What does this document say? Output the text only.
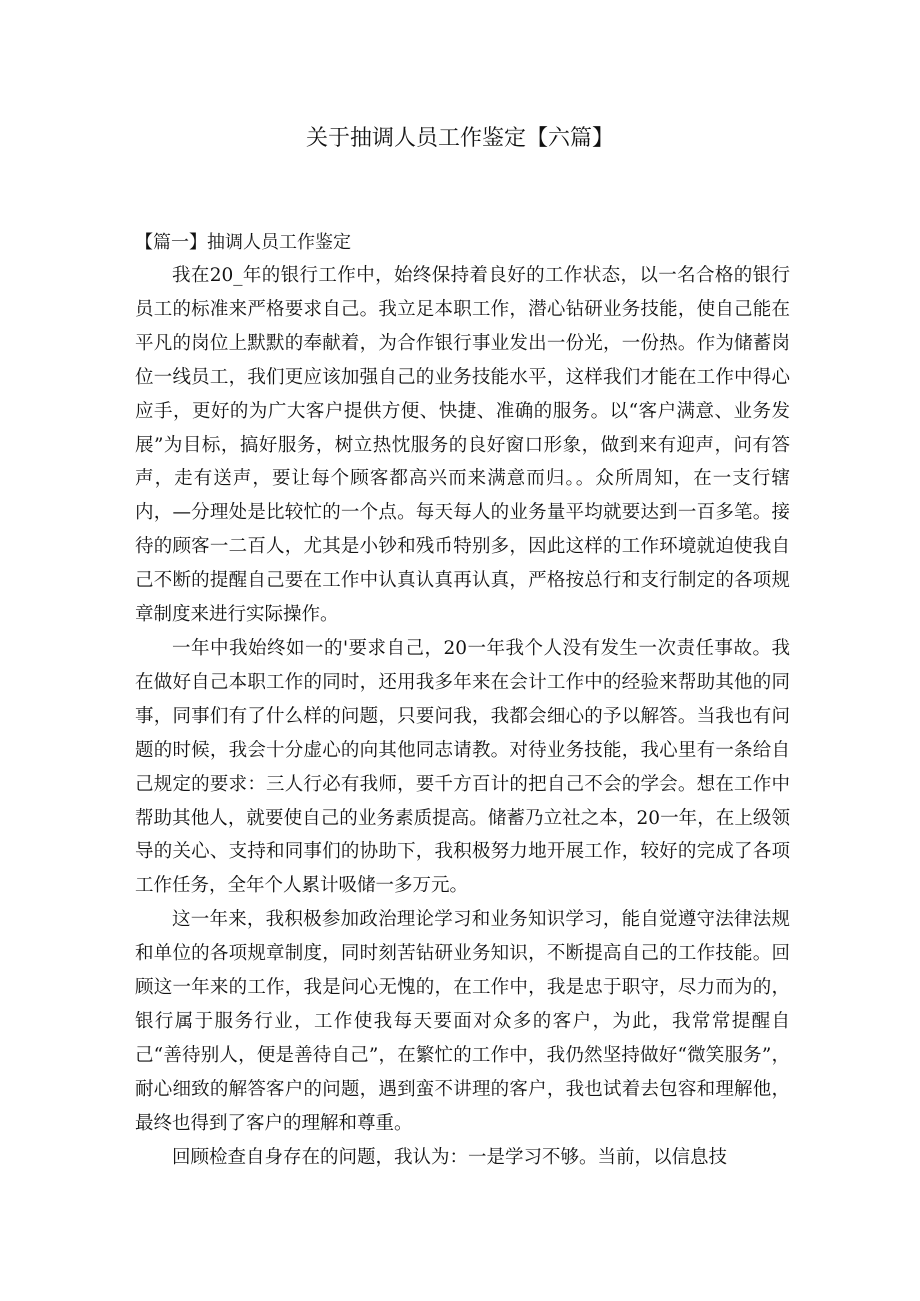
关于抽调人员工作鉴定【六篇】

【篇一】抽调人员工作鉴定

我在20_年的银行工作中，始终保持着良好的工作状态，以一名合格的银行员工的标准来严格要求自己。我立足本职工作，潜心钻研业务技能，使自己能在平凡的岗位上默默的奉献着，为合作银行事业发出一份光，一份热。作为储蓄岗位一线员工，我们更应该加强自己的业务技能水平，这样我们才能在工作中得心应手，更好的为广大客户提供方便、快捷、准确的服务。以“客户满意、业务发展”为目标，搞好服务，树立热忱服务的良好窗口形象，做到来有迎声，问有答声，走有送声，要让每个顾客都高兴而来满意而归。。众所周知，在一支行辖内，—分理处是比较忙的一个点。每天每人的业务量平均就要达到一百多笔。接待的顾客一二百人，尤其是小钞和残币特别多，因此这样的工作环境就迫使我自己不断的提醒自己要在工作中认真认真再认真，严格按总行和支行制定的各项规章制度来进行实际操作。

一年中我始终如一的'要求自己，20一年我个人没有发生一次责任事故。我在做好自己本职工作的同时，还用我多年来在会计工作中的经验来帮助其他的同事，同事们有了什么样的问题，只要问我，我都会细心的予以解答。当我也有问题的时候，我会十分虚心的向其他同志请教。对待业务技能，我心里有一条给自己规定的要求：三人行必有我师，要千方百计的把自己不会的学会。想在工作中帮助其他人，就要使自己的业务素质提高。储蓄乃立社之本，20一年，在上级领导的关心、支持和同事们的协助下，我积极努力地开展工作，较好的完成了各项工作任务，全年个人累计吸储一多万元。

这一年来，我积极参加政治理论学习和业务知识学习，能自觉遵守法律法规和单位的各项规章制度，同时刻苦钻研业务知识，不断提高自己的工作技能。回顾这一年来的工作，我是问心无愧的，在工作中，我是忠于职守，尽力而为的，银行属于服务行业，工作使我每天要面对众多的客户，为此，我常常提醒自己“善待别人，便是善待自己”，在繁忙的工作中，我仍然坚持做好“微笑服务”，耐心细致的解答客户的问题，遇到蛮不讲理的客户，我也试着去包容和理解他，最终也得到了客户的理解和尊重。

回顾检查自身存在的问题，我认为：一是学习不够。当前，以信息技
